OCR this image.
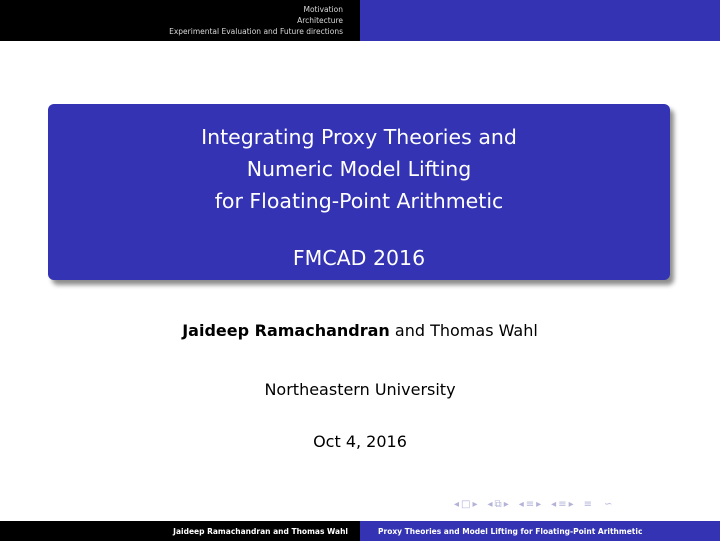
Motivation
Architecture
Experimental Evaluation and Future directions
Integrating Proxy Theories and
Numeric Model Lifting
for Floating-Point Arithmetic
FMCAD 2016
Jaideep Ramachandran and Thomas Wahl
Northeastern University
Oct 4, 2016
◂ □ ▸ ◂ ⧉ ▸ ◂ ≡ ▸ ◂ ≡ ▸ ≡ ∽
Jaideep Ramachandran and Thomas Wahl	Proxy Theories and Model Lifting for Floating-Point Arithmetic
